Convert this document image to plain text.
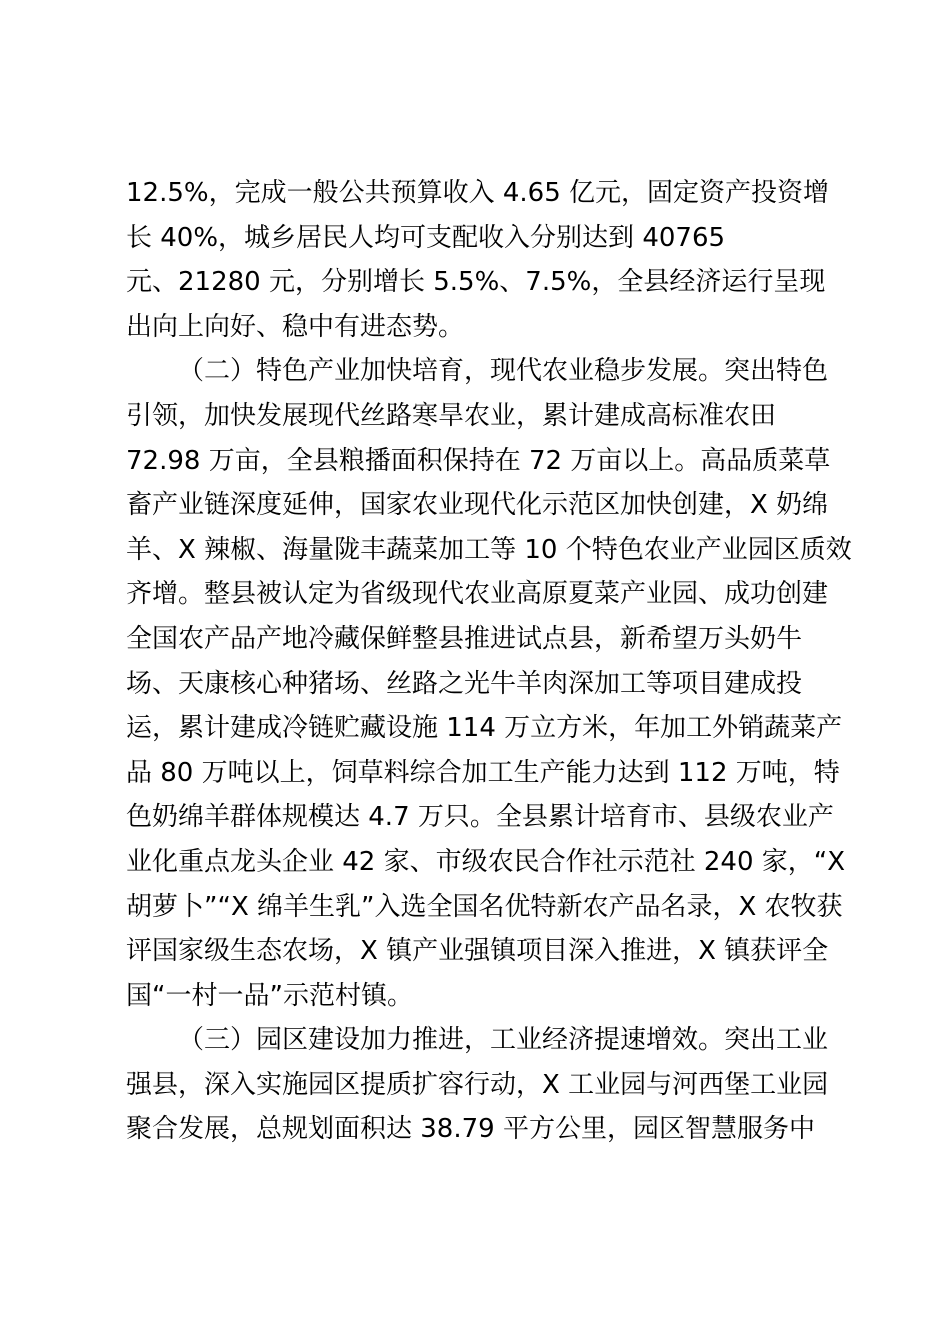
12.5%，完成一般公共预算收入 4.65 亿元，固定资产投资增
长 40%，城乡居民人均可支配收入分别达到 40765
元、21280 元，分别增长 5.5%、7.5%，全县经济运行呈现
出向上向好、稳中有进态势。
（二）特色产业加快培育，现代农业稳步发展。突出特色
引领，加快发展现代丝路寒旱农业，累计建成高标准农田
72.98 万亩，全县粮播面积保持在 72 万亩以上。高品质菜草
畜产业链深度延伸，国家农业现代化示范区加快创建，X 奶绵
羊、X 辣椒、海量陇丰蔬菜加工等 10 个特色农业产业园区质效
齐增。整县被认定为省级现代农业高原夏菜产业园、成功创建
全国农产品产地冷藏保鲜整县推进试点县，新希望万头奶牛
场、天康核心种猪场、丝路之光牛羊肉深加工等项目建成投
运，累计建成冷链贮藏设施 114 万立方米，年加工外销蔬菜产
品 80 万吨以上，饲草料综合加工生产能力达到 112 万吨，特
色奶绵羊群体规模达 4.7 万只。全县累计培育市、县级农业产
业化重点龙头企业 42 家、市级农民合作社示范社 240 家，“X
胡萝卜”“X 绵羊生乳”入选全国名优特新农产品名录，X 农牧获
评国家级生态农场，X 镇产业强镇项目深入推进，X 镇获评全
国“一村一品”示范村镇。
（三）园区建设加力推进，工业经济提速增效。突出工业
强县，深入实施园区提质扩容行动，X 工业园与河西堡工业园
聚合发展，总规划面积达 38.79 平方公里，园区智慧服务中
